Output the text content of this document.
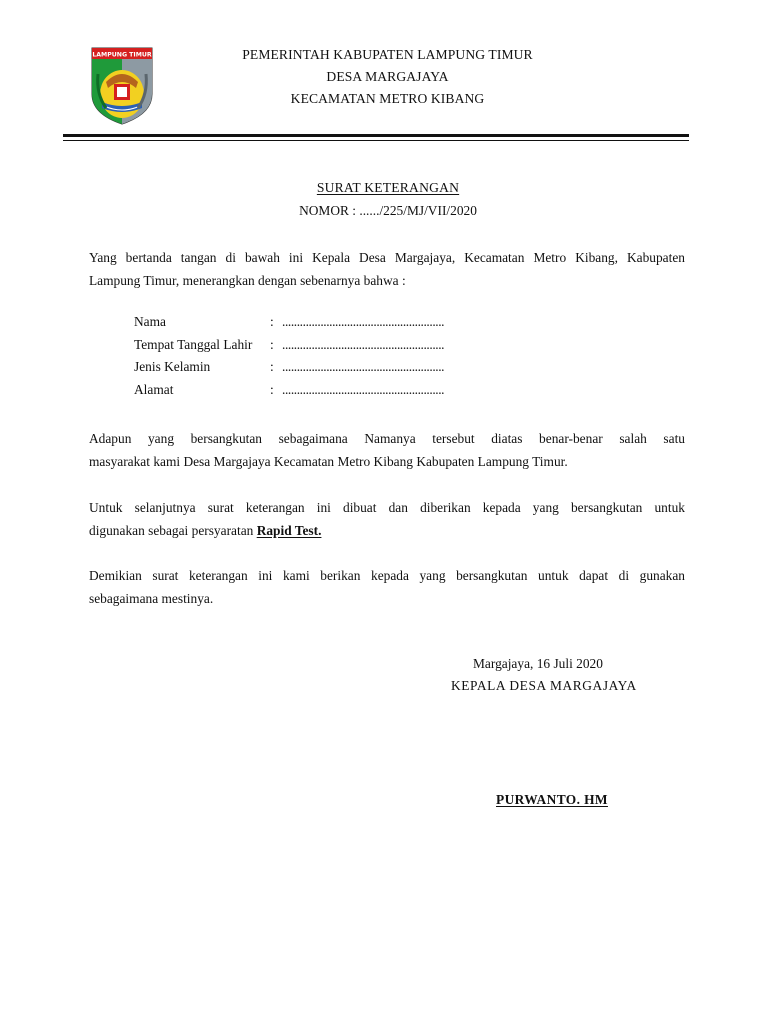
LAMPUNG TIMUR	PEMERINTAH KABUPATEN LAMPUNG TIMUR
DESA MARGAJAYA
KECAMATAN METRO KIBANG
SURAT KETERANGAN
NOMOR : ....../225/MJ/VII/2020
Yang bertanda tangan di bawah ini Kepala Desa Margajaya, Kecamatan Metro Kibang, Kabupaten
Lampung Timur, menerangkan dengan sebenarnya bahwa :
Nama	: .......................................................
Tempat Tanggal Lahir : .......................................................
Jenis Kelamin	: .......................................................
Alamat	: .......................................................
Adapun yang bersangkutan sebagaimana Namanya tersebut diatas benar-benar salah satu
masyarakat kami Desa Margajaya Kecamatan Metro Kibang Kabupaten Lampung Timur.
Untuk selanjutnya surat keterangan ini dibuat dan diberikan kepada yang bersangkutan untuk
digunakan sebagai persyaratan Rapid Test.
Demikian surat keterangan ini kami berikan kepada yang bersangkutan untuk dapat di gunakan
sebagaimana mestinya.
Margajaya, 16 Juli 2020
KEPALA DESA MARGAJAYA
PURWANTO. HM
